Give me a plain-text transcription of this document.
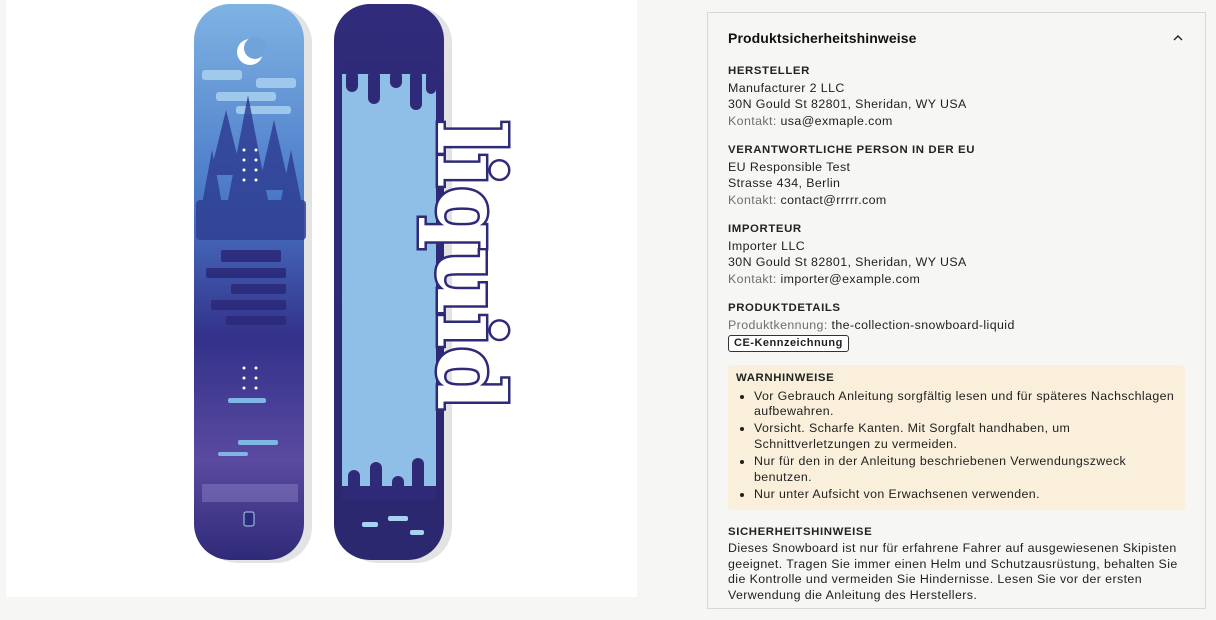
liquid
Produktsicherheitshinweise
HERSTELLER
Manufacturer 2 LLC
30N Gould St 82801, Sheridan, WY USA
Kontakt: usa@exmaple.com
VERANTWORTLICHE PERSON IN DER EU
EU Responsible Test
Strasse 434, Berlin
Kontakt: contact@rrrrr.com
IMPORTEUR
Importer LLC
30N Gould St 82801, Sheridan, WY USA
Kontakt: importer@example.com
PRODUKTDETAILS
Produktkennung: the-collection-snowboard-liquid
CE-Kennzeichnung
WARNHINWEISE
• Vor Gebrauch Anleitung sorgfältig lesen und für späteres Nachschlagen aufbewahren.
• Vorsicht. Scharfe Kanten. Mit Sorgfalt handhaben, um Schnittverletzungen zu vermeiden.
• Nur für den in der Anleitung beschriebenen Verwendungszweck benutzen.
• Nur unter Aufsicht von Erwachsenen verwenden.
SICHERHEITSHINWEISE
Dieses Snowboard ist nur für erfahrene Fahrer auf ausgewiesenen Skipisten geeignet. Tragen Sie immer einen Helm und Schutzausrüstung, behalten Sie die Kontrolle und vermeiden Sie Hindernisse. Lesen Sie vor der ersten Verwendung die Anleitung des Herstellers.
